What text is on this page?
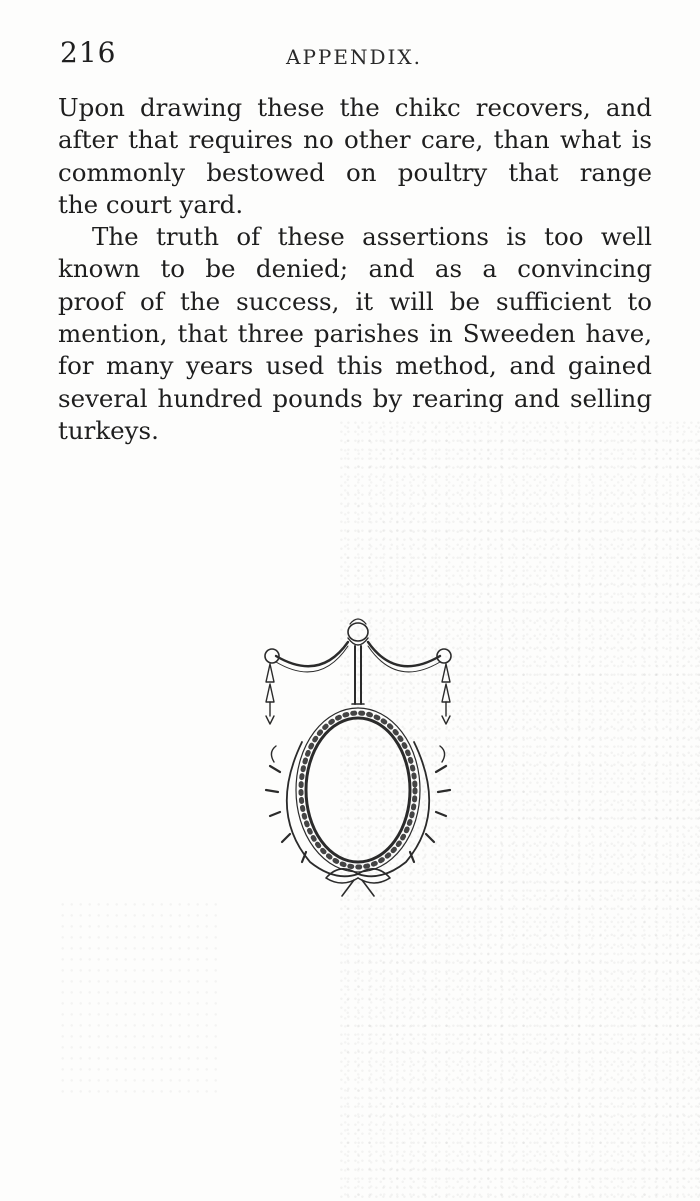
216	APPENDIX.

Upon drawing these the chikc recovers, and
after that requires no other care, than what is
commonly bestowed on poultry that range
the court yard.

The truth of these assertions is too well
known to be denied; and as a convincing
proof of the success, it will be sufficient to
mention, that three parishes in Sweeden have,
for many years used this method, and gained
several hundred pounds by rearing and selling
turkeys.
